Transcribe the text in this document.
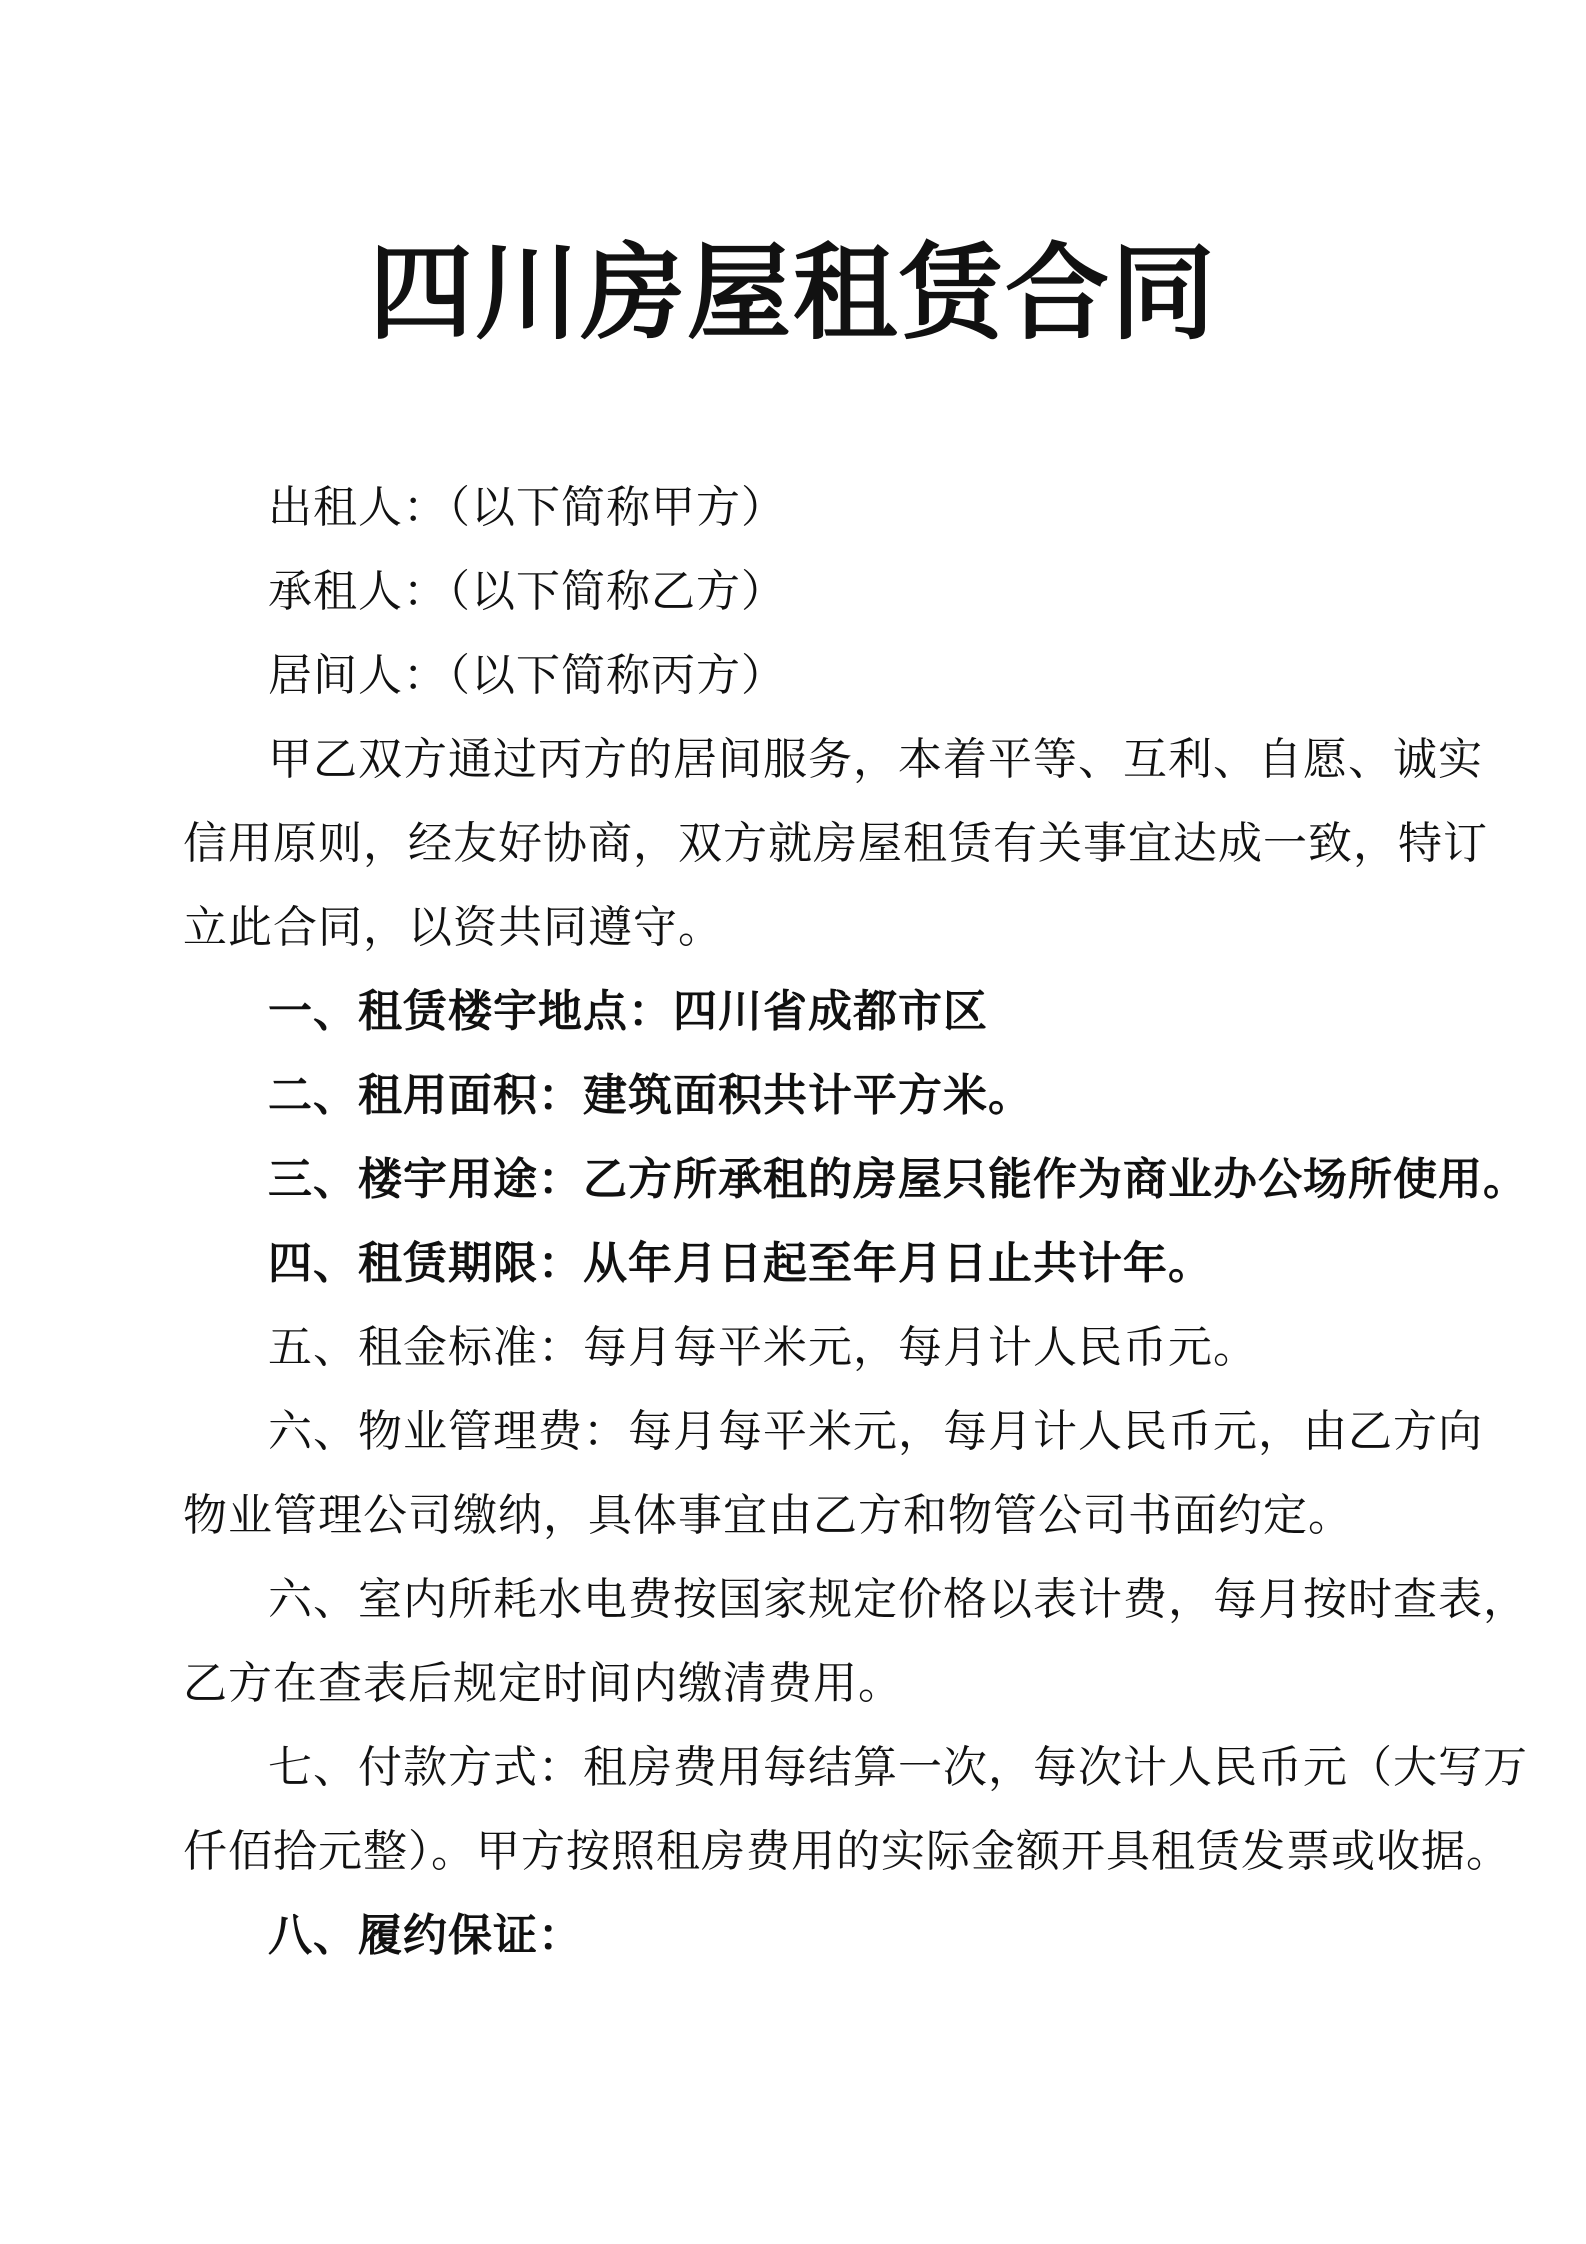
四川房屋租赁合同
出租人：（以下简称甲方）
承租人：（以下简称乙方）
居间人：（以下简称丙方）
甲乙双方通过丙方的居间服务，本着平等、互利、自愿、诚实
信用原则，经友好协商，双方就房屋租赁有关事宜达成一致，特订
立此合同，以资共同遵守。
一、租赁楼宇地点：四川省成都市区
二、租用面积：建筑面积共计平方米。
三、楼宇用途：乙方所承租的房屋只能作为商业办公场所使用。
四、租赁期限：从年月日起至年月日止共计年。
五、租金标准：每月每平米元，每月计人民币元。
六、物业管理费：每月每平米元，每月计人民币元，由乙方向
物业管理公司缴纳，具体事宜由乙方和物管公司书面约定。
六、室内所耗水电费按国家规定价格以表计费，每月按时查表，
乙方在查表后规定时间内缴清费用。
七、付款方式：租房费用每结算一次，每次计人民币元（大写万
仟佰拾元整）。甲方按照租房费用的实际金额开具租赁发票或收据。
八、履约保证：
